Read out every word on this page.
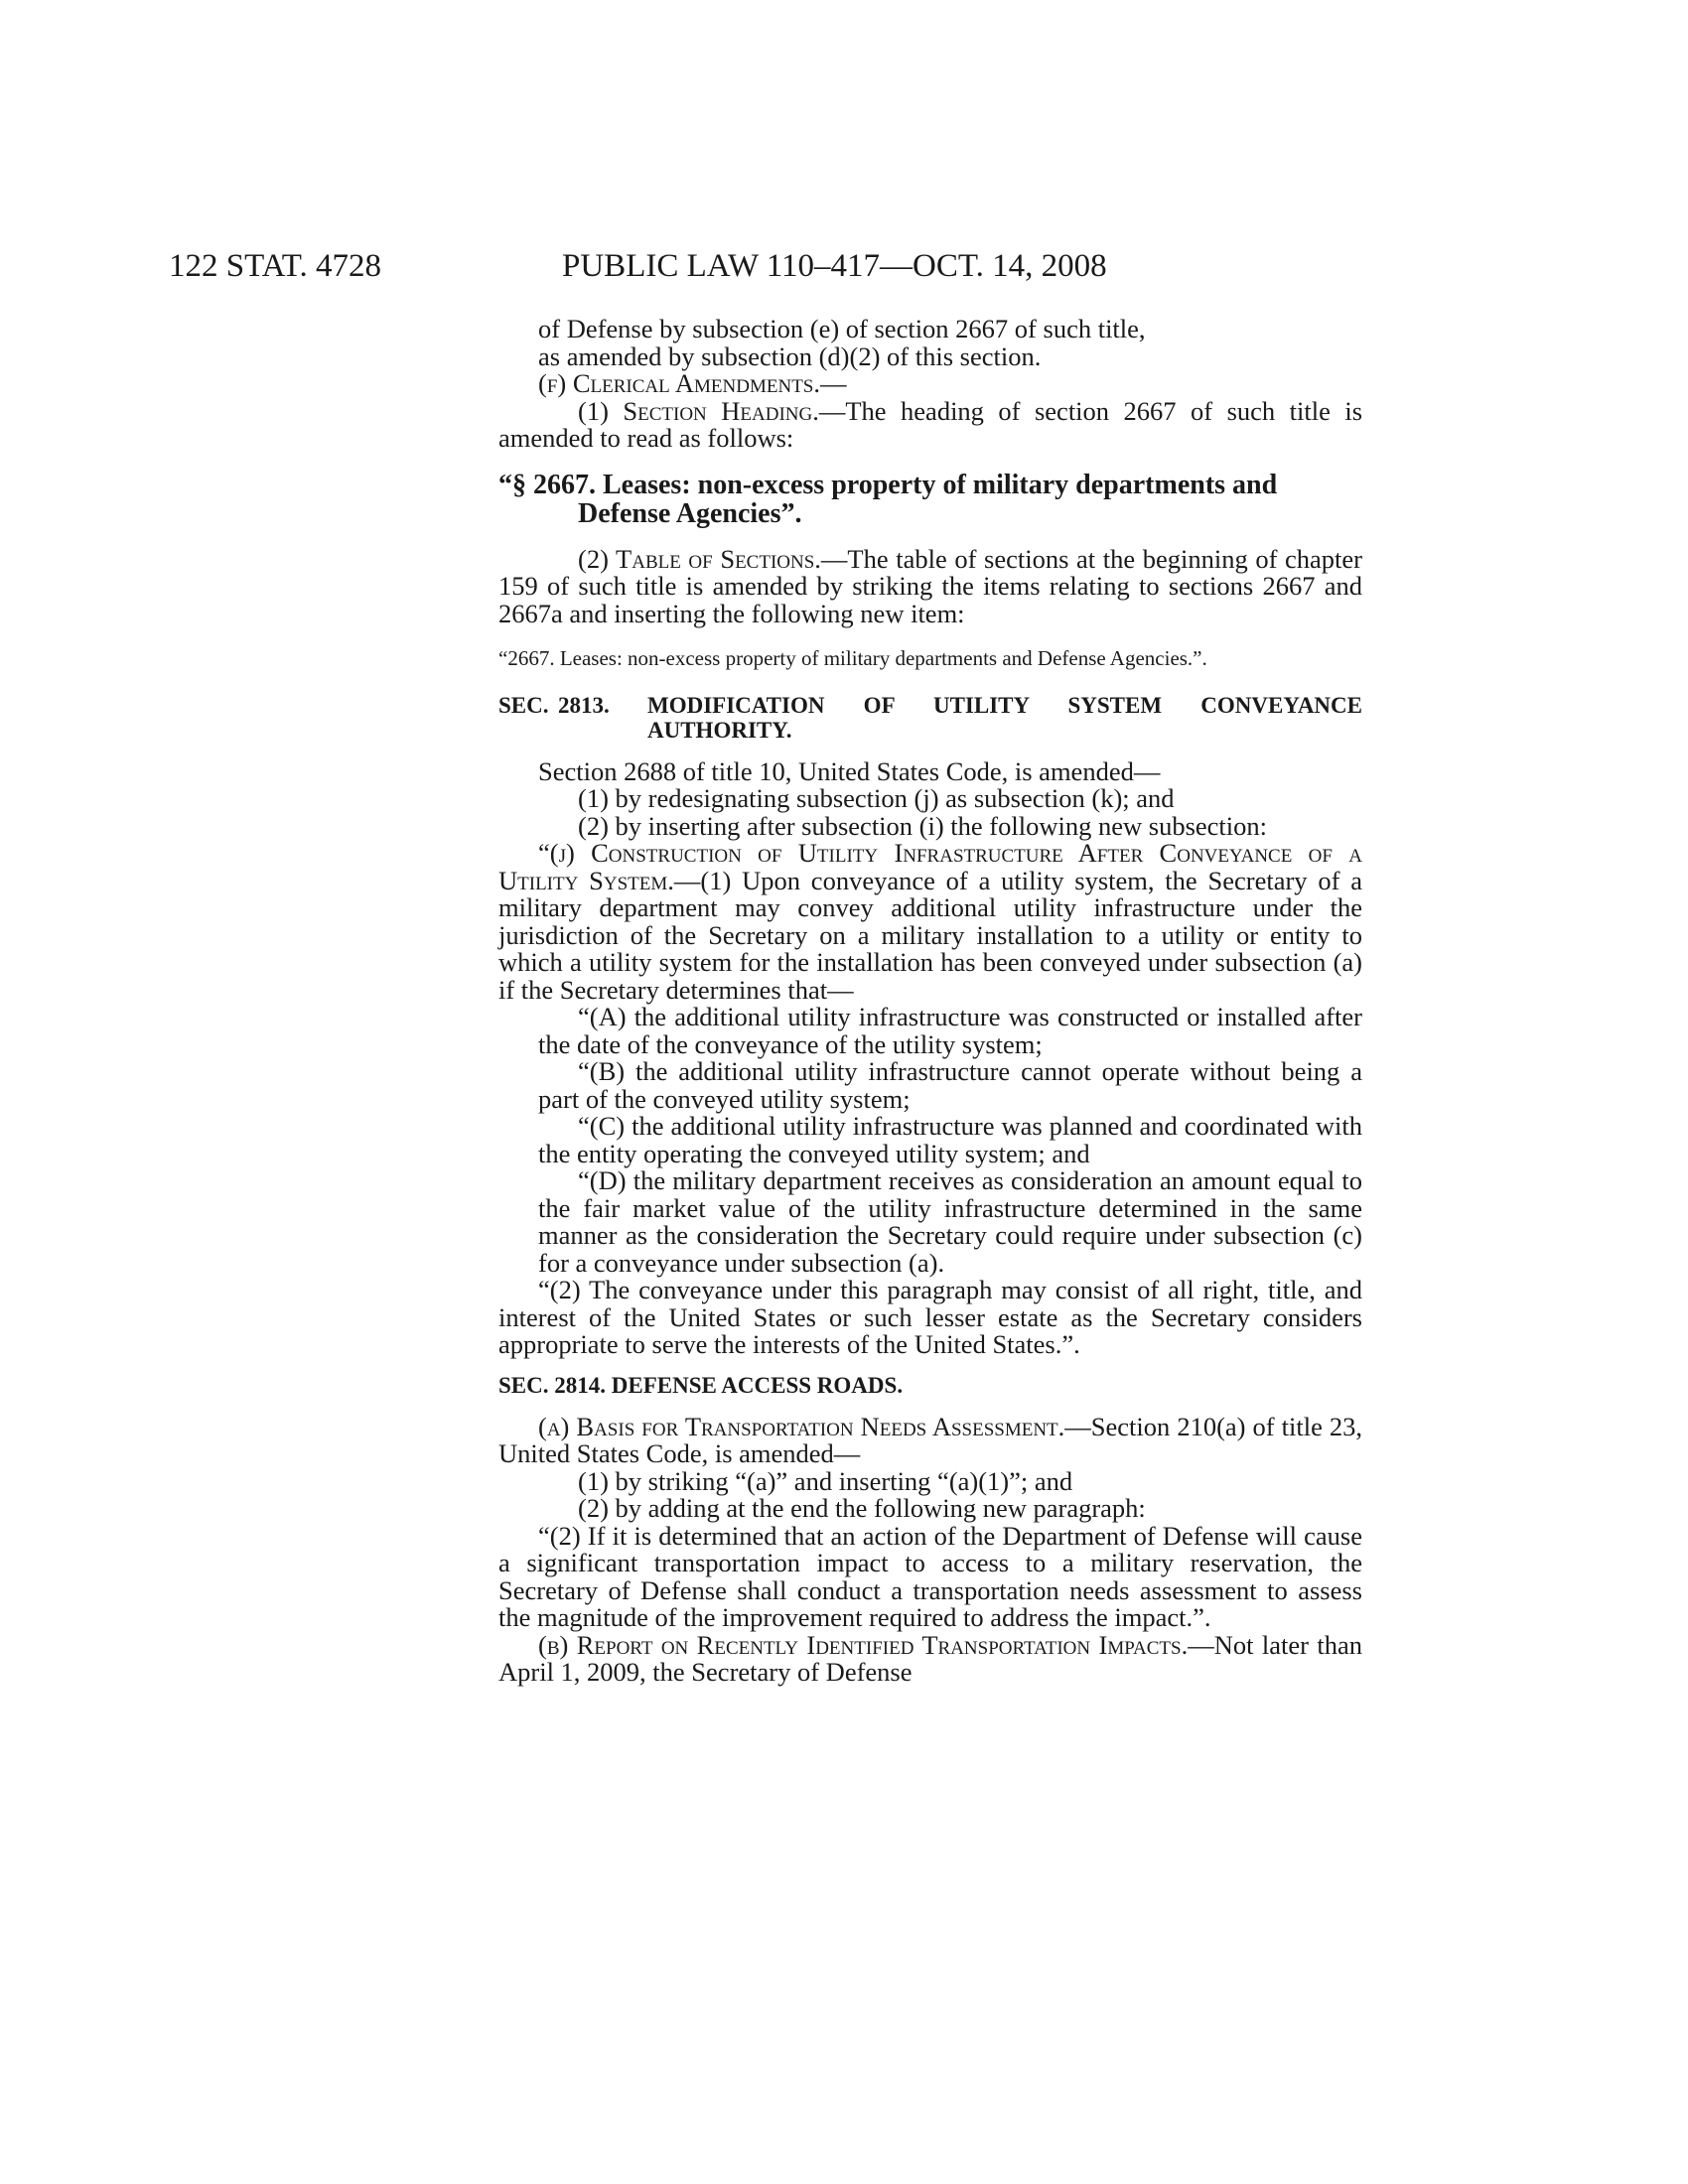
122 STAT. 4728	PUBLIC LAW 110–417—OCT. 14, 2008

of Defense by subsection (e) of section 2667 of such title,
as amended by subsection (d)(2) of this section.

(f) Clerical Amendments.—

(1) Section Heading.—The heading of section 2667 of such title is amended to read as follows:

“§ 2667. Leases: non-excess property of military departments and Defense Agencies”.

(2) Table of Sections.—The table of sections at the beginning of chapter 159 of such title is amended by striking the items relating to sections 2667 and 2667a and inserting the following new item:

“2667. Leases: non-excess property of military departments and Defense Agencies.”.

SEC. 2813.	MODIFICATION OF UTILITY SYSTEM CONVEYANCE
AUTHORITY.

Section 2688 of title 10, United States Code, is amended—

(1) by redesignating subsection (j) as subsection (k); and

(2) by inserting after subsection (i) the following new subsection:

“(j) Construction of Utility Infrastructure After Conveyance of a Utility System.—(1) Upon conveyance of a utility system, the Secretary of a military department may convey additional utility infrastructure under the jurisdiction of the Secretary on a military installation to a utility or entity to which a utility system for the installation has been conveyed under subsection (a) if the Secretary determines that—

“(A) the additional utility infrastructure was constructed or installed after the date of the conveyance of the utility system;

“(B) the additional utility infrastructure cannot operate without being a part of the conveyed utility system;

“(C) the additional utility infrastructure was planned and coordinated with the entity operating the conveyed utility system; and

“(D) the military department receives as consideration an amount equal to the fair market value of the utility infrastructure determined in the same manner as the consideration the Secretary could require under subsection (c) for a conveyance under subsection (a).

“(2) The conveyance under this paragraph may consist of all right, title, and interest of the United States or such lesser estate as the Secretary considers appropriate to serve the interests of the United States.”.

SEC. 2814. DEFENSE ACCESS ROADS.

(a) Basis for Transportation Needs Assessment.—Section 210(a) of title 23, United States Code, is amended—

(1) by striking “(a)” and inserting “(a)(1)”; and

(2) by adding at the end the following new paragraph:

“(2) If it is determined that an action of the Department of Defense will cause a significant transportation impact to access to a military reservation, the Secretary of Defense shall conduct a transportation needs assessment to assess the magnitude of the improvement required to address the impact.”.

(b) Report on Recently Identified Transportation Impacts.—Not later than April 1, 2009, the Secretary of Defense
